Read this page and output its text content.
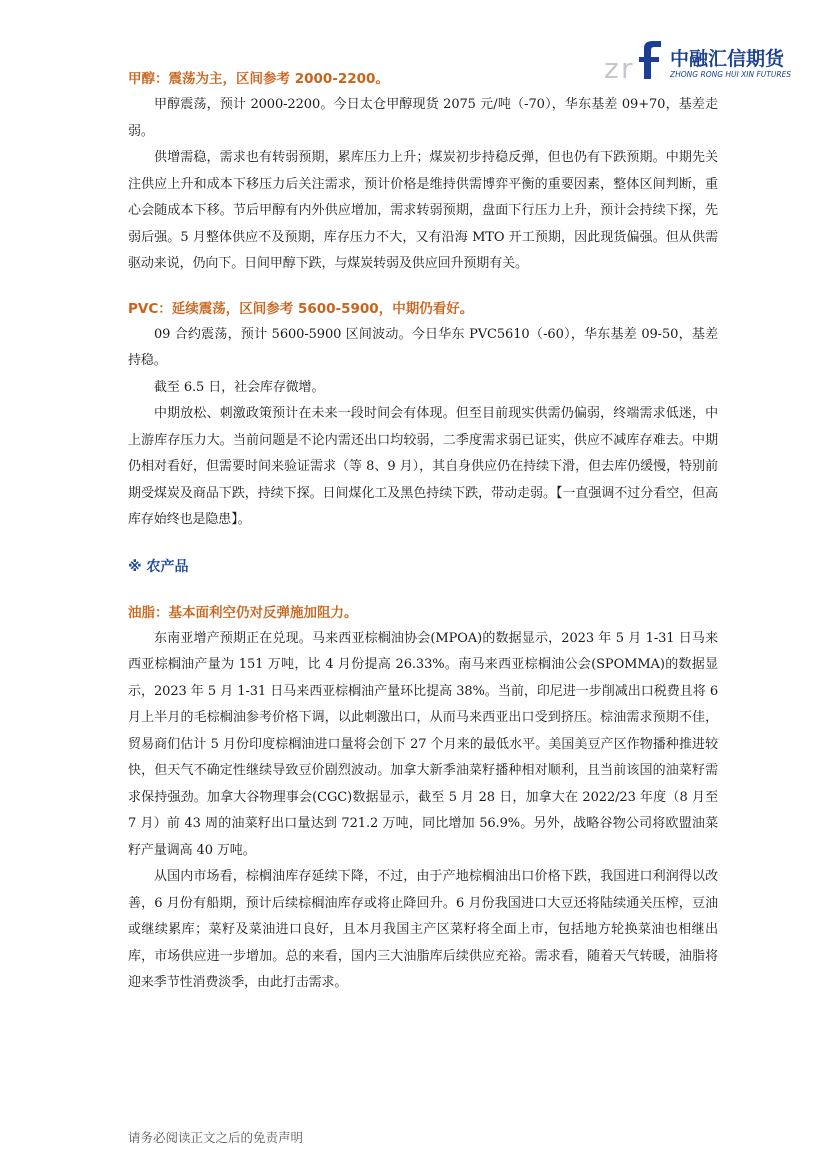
z r 中融汇信期货
ZHONG RONG HUI XIN FUTURES

甲醇：震荡为主，区间参考 2000-2200。

甲醇震荡，预计 2000-2200。今日太仓甲醇现货 2075 元/吨（-70），华东基差 09+70，基差走弱。

供增需稳，需求也有转弱预期，累库压力上升；煤炭初步持稳反弹，但也仍有下跌预期。中期先关注供应上升和成本下移压力后关注需求，预计价格是维持供需博弈平衡的重要因素，整体区间判断，重心会随成本下移。节后甲醇有内外供应增加，需求转弱预期，盘面下行压力上升，预计会持续下探，先弱后强。5 月整体供应不及预期，库存压力不大，又有沿海 MTO 开工预期，因此现货偏强。但从供需驱动来说，仍向下。日间甲醇下跌，与煤炭转弱及供应回升预期有关。

PVC：延续震荡，区间参考 5600-5900，中期仍看好。

09 合约震荡，预计 5600-5900 区间波动。今日华东 PVC5610（-60），华东基差 09-50，基差持稳。

截至 6.5 日，社会库存微增。

中期放松、刺激政策预计在未来一段时间会有体现。但至目前现实供需仍偏弱，终端需求低迷，中上游库存压力大。当前问题是不论内需还出口均较弱，二季度需求弱已证实，供应不减库存难去。中期仍相对看好，但需要时间来验证需求（等 8、9 月），其自身供应仍在持续下滑，但去库仍缓慢，特别前期受煤炭及商品下跌，持续下探。日间煤化工及黑色持续下跌，带动走弱。【一直强调不过分看空，但高库存始终也是隐患】。

※ 农产品

油脂：基本面利空仍对反弹施加阻力。

东南亚增产预期正在兑现。马来西亚棕榈油协会(MPOA)的数据显示，2023 年 5 月 1-31 日马来西亚棕榈油产量为 151 万吨，比 4 月份提高 26.33%。南马来西亚棕榈油公会(SPOMMA)的数据显示，2023 年 5 月 1-31 日马来西亚棕榈油产量环比提高 38%。当前，印尼进一步削减出口税费且将 6 月上半月的毛棕榈油参考价格下调，以此刺激出口，从而马来西亚出口受到挤压。棕油需求预期不佳，贸易商们估计 5 月份印度棕榈油进口量将会创下 27 个月来的最低水平。美国美豆产区作物播种推进较快，但天气不确定性继续导致豆价剧烈波动。加拿大新季油菜籽播种相对顺利，且当前该国的油菜籽需求保持强劲。加拿大谷物理事会(CGC)数据显示，截至 5 月 28 日，加拿大在 2022/23 年度（8 月至 7 月）前 43 周的油菜籽出口量达到 721.2 万吨，同比增加 56.9%。另外，战略谷物公司将欧盟油菜籽产量调高 40 万吨。

从国内市场看，棕榈油库存延续下降，不过，由于产地棕榈油出口价格下跌，我国进口利润得以改善，6 月份有船期，预计后续棕榈油库存或将止降回升。6 月份我国进口大豆还将陆续通关压榨，豆油或继续累库；菜籽及菜油进口良好，且本月我国主产区菜籽将全面上市，包括地方轮换菜油也相继出库，市场供应进一步增加。总的来看，国内三大油脂库后续供应充裕。需求看，随着天气转暖，油脂将迎来季节性消费淡季，由此打击需求。

请务必阅读正文之后的免责声明
